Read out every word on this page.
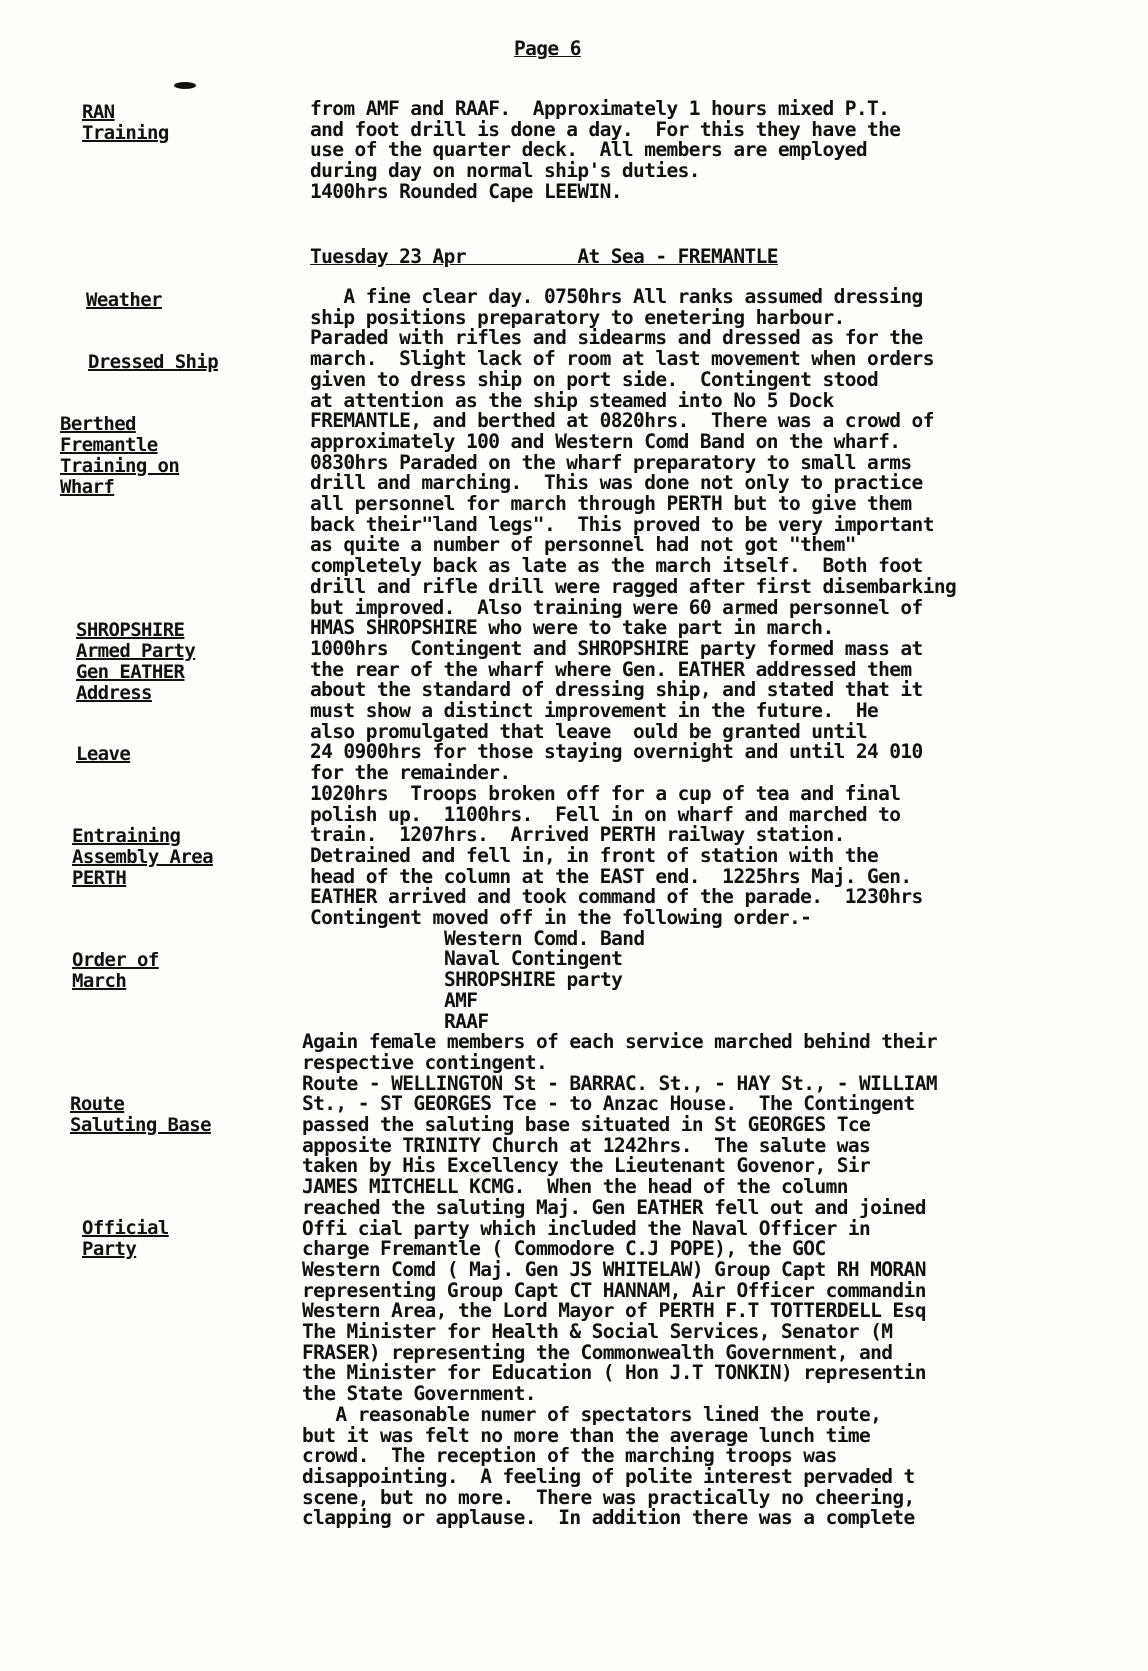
Page 6
RAN
Training
Weather
Dressed Ship
Berthed
Fremantle
Training on
Wharf
SHROPSHIRE
Armed Party
Gen EATHER
Address
Leave
Entraining
Assembly Area
PERTH
Order of
March
Route
Saluting Base
Official
Party
from AMF and RAAF.  Approximately 1 hours mixed P.T.
and foot drill is done a day.  For this they have the
use of the quarter deck.  All members are employed
during day on normal ship's duties.
1400hrs Rounded Cape LEEWIN.
Tuesday 23 Apr          At Sea - FREMANTLE
A fine clear day. 0750hrs All ranks assumed dressing
ship positions preparatory to enetering harbour.
Paraded with rifles and sidearms and dressed as for the
march.  Slight lack of room at last movement when orders
given to dress ship on port side.  Contingent stood
at attention as the ship steamed into No 5 Dock
FREMANTLE, and berthed at 0820hrs.  There was a crowd of
approximately 100 and Western Comd Band on the wharf.
0830hrs Paraded on the wharf preparatory to small arms
drill and marching.  This was done not only to practice
all personnel for march through PERTH but to give them
back their"land legs".  This proved to be very important
as quite a number of personnel had not got "them"
completely back as late as the march itself.  Both foot
drill and rifle drill were ragged after first disembarking
but improved.  Also training were 60 armed personnel of
HMAS SHROPSHIRE who were to take part in march.
1000hrs  Contingent and SHROPSHIRE party formed mass at
the rear of the wharf where Gen. EATHER addressed them
about the standard of dressing ship, and stated that it
must show a distinct improvement in the future.  He
also promulgated that leave  ould be granted until
24 0900hrs for those staying overnight and until 24 010
for the remainder.
1020hrs  Troops broken off for a cup of tea and final
polish up.  1100hrs.  Fell in on wharf and marched to
train.  1207hrs.  Arrived PERTH railway station.
Detrained and fell in, in front of station with the
head of the column at the EAST end.  1225hrs Maj. Gen.
EATHER arrived and took command of the parade.  1230hrs
Contingent moved off in the following order.-
Western Comd. Band
Naval Contingent
SHROPSHIRE party
AMF
RAAF
Again female members of each service marched behind their
respective contingent.
Route - WELLINGTON St - BARRAC. St., - HAY St., - WILLIAM
St., - ST GEORGES Tce - to Anzac House.  The Contingent
passed the saluting base situated in St GEORGES Tce
apposite TRINITY Church at 1242hrs.  The salute was
taken by His Excellency the Lieutenant Govenor, Sir
JAMES MITCHELL KCMG.  When the head of the column
reached the saluting Maj. Gen EATHER fell out and joined
Offi cial party which included the Naval Officer in
charge Fremantle ( Commodore C.J POPE), the GOC
Western Comd ( Maj. Gen JS WHITELAW) Group Capt RH MORAN
representing Group Capt CT HANNAM, Air Officer commandin
Western Area, the Lord Mayor of PERTH F.T TOTTERDELL Esq
The Minister for Health & Social Services, Senator (M
FRASER) representing the Commonwealth Government, and
the Minister for Education ( Hon J.T TONKIN) representin
the State Government.
A reasonable numer of spectators lined the route,
but it was felt no more than the average lunch time
crowd.  The reception of the marching troops was
disappointing.  A feeling of polite interest pervaded t
scene, but no more.  There was practically no cheering,
clapping or applause.  In addition there was a complete
